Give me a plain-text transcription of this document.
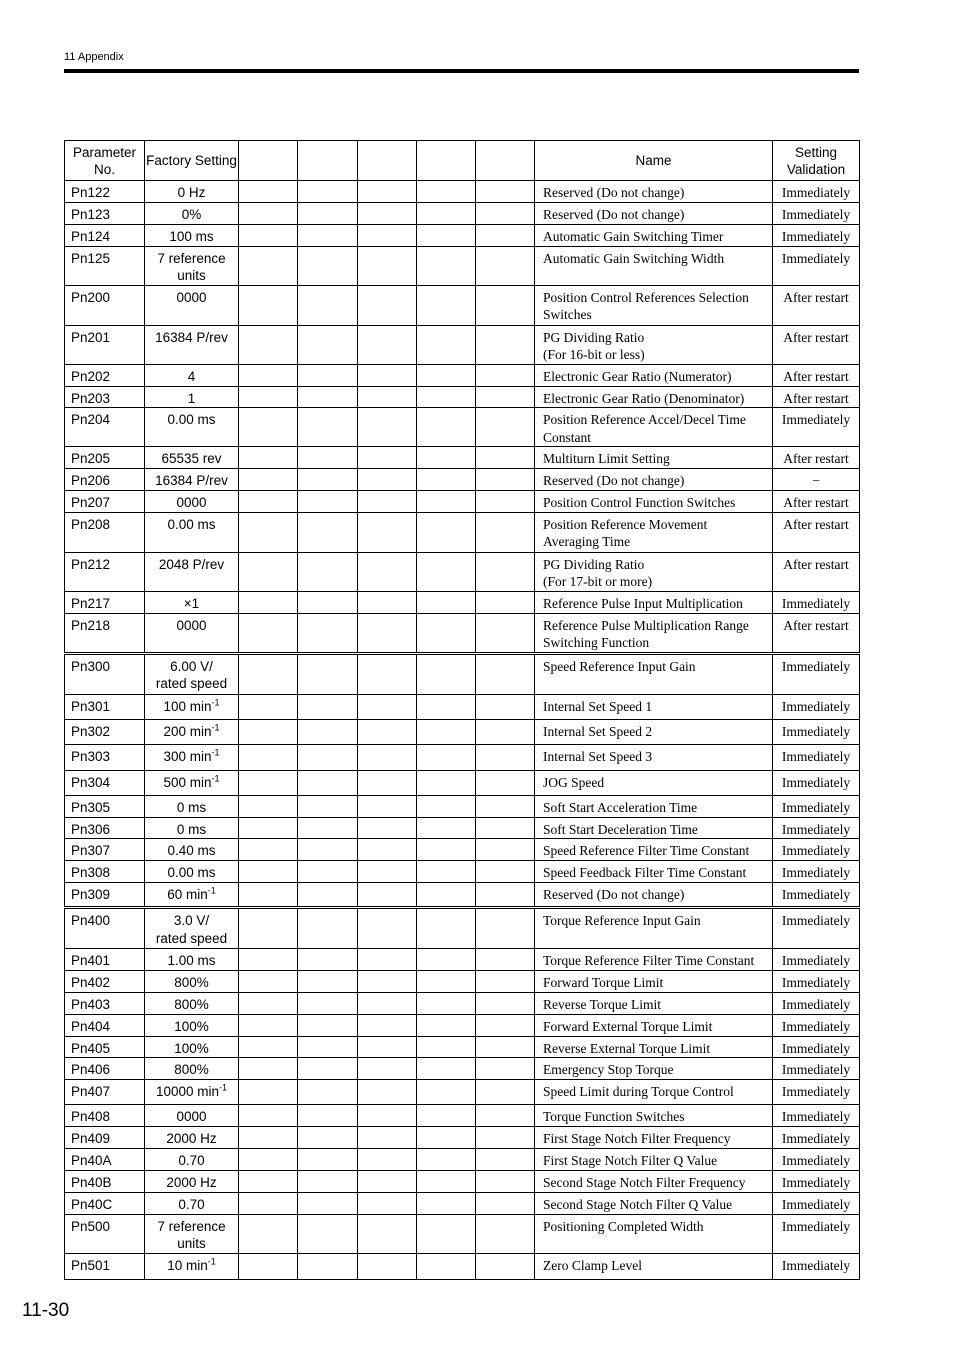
11 Appendix
Parameter No.	Factory Setting						Name	Setting Validation
Pn122	0 Hz						Reserved (Do not change)	Immediately
Pn123	0%						Reserved (Do not change)	Immediately
Pn124	100 ms						Automatic Gain Switching Timer	Immediately
Pn125	7 reference
units						Automatic Gain Switching Width	Immediately
Pn200	0000						Position Control References Selection
Switches	After restart
Pn201	16384 P/rev						PG Dividing Ratio
(For 16-bit or less)	After restart
Pn202	4						Electronic Gear Ratio (Numerator)	After restart
Pn203	1						Electronic Gear Ratio (Denominator)	After restart
Pn204	0.00 ms						Position Reference Accel/Decel Time
Constant	Immediately
Pn205	65535 rev						Multiturn Limit Setting	After restart
Pn206	16384 P/rev						Reserved (Do not change)	−
Pn207	0000						Position Control Function Switches	After restart
Pn208	0.00 ms						Position Reference Movement
Averaging Time	After restart
Pn212	2048 P/rev						PG Dividing Ratio
(For 17-bit or more)	After restart
Pn217	×1						Reference Pulse Input Multiplication	Immediately
Pn218	0000						Reference Pulse Multiplication Range
Switching Function	After restart
Pn300	6.00 V/
rated speed						Speed Reference Input Gain	Immediately
Pn301	100 $\min^{-1}$						Internal Set Speed 1	Immediately
Pn302	200 $\min^{-1}$						Internal Set Speed 2	Immediately
Pn303	300 $\min^{-1}$						Internal Set Speed 3	Immediately
Pn304	500 $\min^{-1}$						JOG Speed	Immediately
Pn305	0 ms						Soft Start Acceleration Time	Immediately
Pn306	0 ms						Soft Start Deceleration Time	Immediately
Pn307	0.40 ms						Speed Reference Filter Time Constant	Immediately
Pn308	0.00 ms						Speed Feedback Filter Time Constant	Immediately
Pn309	60 $\min^{-1}$						Reserved (Do not change)	Immediately
Pn400	3.0 V/
rated speed						Torque Reference Input Gain	Immediately
Pn401	1.00 ms						Torque Reference Filter Time Constant	Immediately
Pn402	800%						Forward Torque Limit	Immediately
Pn403	800%						Reverse Torque Limit	Immediately
Pn404	100%						Forward External Torque Limit	Immediately
Pn405	100%						Reverse External Torque Limit	Immediately
Pn406	800%						Emergency Stop Torque	Immediately
Pn407	10000 $\min^{-1}$						Speed Limit during Torque Control	Immediately
Pn408	0000						Torque Function Switches	Immediately
Pn409	2000 Hz						First Stage Notch Filter Frequency	Immediately
Pn40A	0.70						First Stage Notch Filter Q Value	Immediately
Pn40B	2000 Hz						Second Stage Notch Filter Frequency	Immediately
Pn40C	0.70						Second Stage Notch Filter Q Value	Immediately
Pn500	7 reference
units						Positioning Completed Width	Immediately
Pn501	10 $\min^{-1}$						Zero Clamp Level	Immediately
11-30
